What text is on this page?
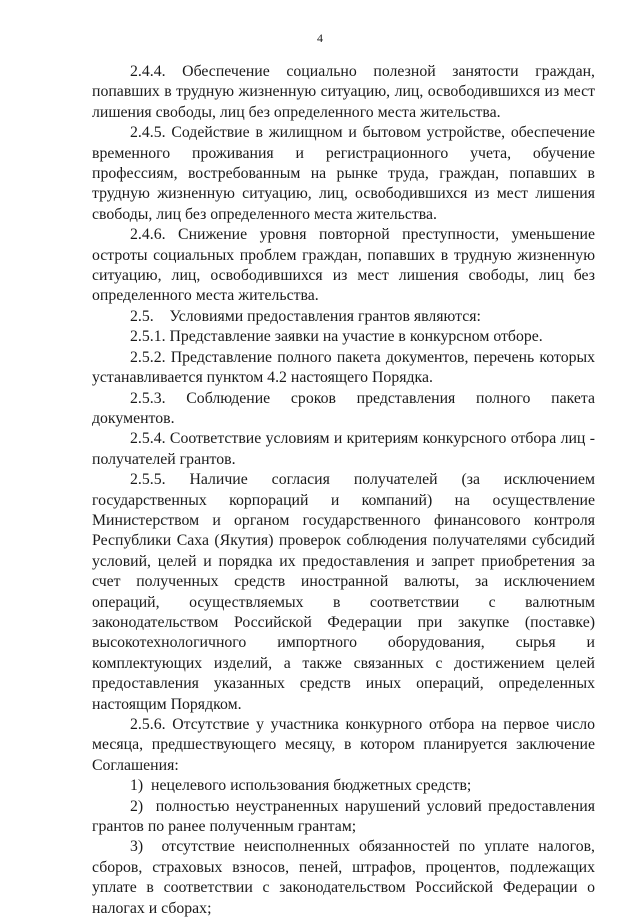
4

2.4.4. Обеспечение социально полезной занятости граждан, попавших в трудную жизненную ситуацию, лиц, освободившихся из мест лишения свободы, лиц без определенного места жительства.

2.4.5. Содействие в жилищном и бытовом устройстве, обеспечение временного проживания и регистрационного учета, обучение профессиям, востребованным на рынке труда, граждан, попавших в трудную жизненную ситуацию, лиц, освободившихся из мест лишения свободы, лиц без определенного места жительства.

2.4.6. Снижение уровня повторной преступности, уменьшение остроты социальных проблем граждан, попавших в трудную жизненную ситуацию, лиц, освободившихся из мест лишения свободы, лиц без определенного места жительства.

2.5.    Условиями предоставления грантов являются:

2.5.1. Представление заявки на участие в конкурсном отборе.

2.5.2. Представление полного пакета документов, перечень которых устанавливается пунктом 4.2 настоящего Порядка.

2.5.3. Соблюдение сроков представления полного пакета документов.

2.5.4. Соответствие условиям и критериям конкурсного отбора лиц - получателей грантов.

2.5.5. Наличие согласия получателей (за исключением государственных корпораций и компаний) на осуществление Министерством и органом государственного финансового контроля Республики Саха (Якутия) проверок соблюдения получателями субсидий условий, целей и порядка их предоставления и запрет приобретения за счет полученных средств иностранной валюты, за исключением операций, осуществляемых в соответствии с валютным законодательством Российской Федерации при закупке (поставке) высокотехнологичного импортного оборудования, сырья и комплектующих изделий, а также связанных с достижением целей предоставления указанных средств иных операций, определенных настоящим Порядком.

2.5.6. Отсутствие у участника конкурного отбора на первое число месяца, предшествующего месяцу, в котором планируется заключение Соглашения:

1)  нецелевого использования бюджетных средств;

2)  полностью неустраненных нарушений условий предоставления грантов по ранее полученным грантам;

3)  отсутствие неисполненных обязанностей по уплате налогов, сборов, страховых взносов, пеней, штрафов, процентов, подлежащих уплате в соответствии с законодательством Российской Федерации о налогах и сборах;
